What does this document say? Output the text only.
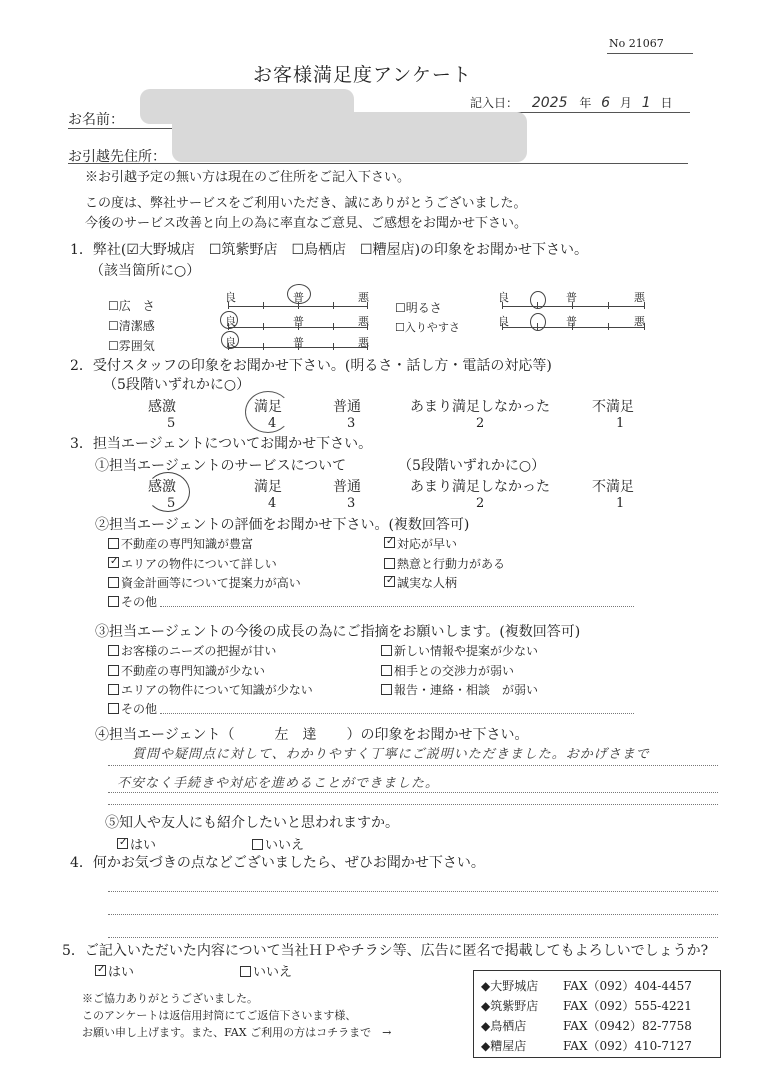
No 21067
お客様満足度アンケート
記入日： 2025 年 6 月 1 日
お名前：
お引越先住所：
※お引越予定の無い方は現在のご住所をご記入下さい。
この度は、弊社サービスをご利用いただき、誠にありがとうございました。
今後のサービス改善と向上の為に率直なご意見、ご感想をお聞かせ下さい。
1．弊社(☑大野城店　☐筑紫野店　☐鳥栖店　☐糟屋店)の印象をお聞かせ下さい。
（該当箇所に○）
☐広　さ
☐清潔感
☐雰囲気
良	普	悪
良	普	悪
良	普	悪
☐明るさ
☐入りやすさ
良	普	悪
良	普	悪
2．受付スタッフの印象をお聞かせ下さい。(明るさ・話し方・電話の対応等)
（5段階いずれかに○）
感激	満足	普通	あまり満足しなかった	不満足
5	4	3	2	1
3．担当エージェントについてお聞かせ下さい。
①担当エージェントのサービスについて	（5段階いずれかに○）
感激	満足	普通	あまり満足しなかった	不満足
5	4	3	2	1
②担当エージェントの評価をお聞かせ下さい。(複数回答可)
不動産の専門知識が豊富
✓エリアの物件について詳しい
資金計画等について提案力が高い
その他
✓対応が早い
熱意と行動力がある
✓誠実な人柄
③担当エージェントの今後の成長の為にご指摘をお願いします。(複数回答可)
お客様のニーズの把握が甘い
不動産の専門知識が少ない
エリアの物件について知識が少ない
その他
新しい情報や提案が少ない
相手との交渉力が弱い
報告・連絡・相談　が弱い
④担当エージェント（	左　達 ）の印象をお聞かせ下さい。
質問や疑問点に対して、わかりやすく丁寧にご説明いただきました。おかげさまで
不安なく手続きや対応を進めることができました。
⑤知人や友人にも紹介したいと思われますか。
✓はい	いいえ
4．何かお気づきの点などございましたら、ぜひお聞かせ下さい。
5．ご記入いただいた内容について当社ＨＰやチラシ等、広告に匿名で掲載してもよろしいでしょうか?
✓はい	いいえ
※ご協力ありがとうございました。
このアンケートは返信用封筒にてご返信下さいます様、
お願い申し上げます。また、FAX ご利用の方はコチラまで　→
◆大野城店 FAX（092）404-4457
◆筑紫野店 FAX（092）555-4221
◆鳥栖店	FAX（0942）82-7758
◆糟屋店	FAX（092）410-7127
